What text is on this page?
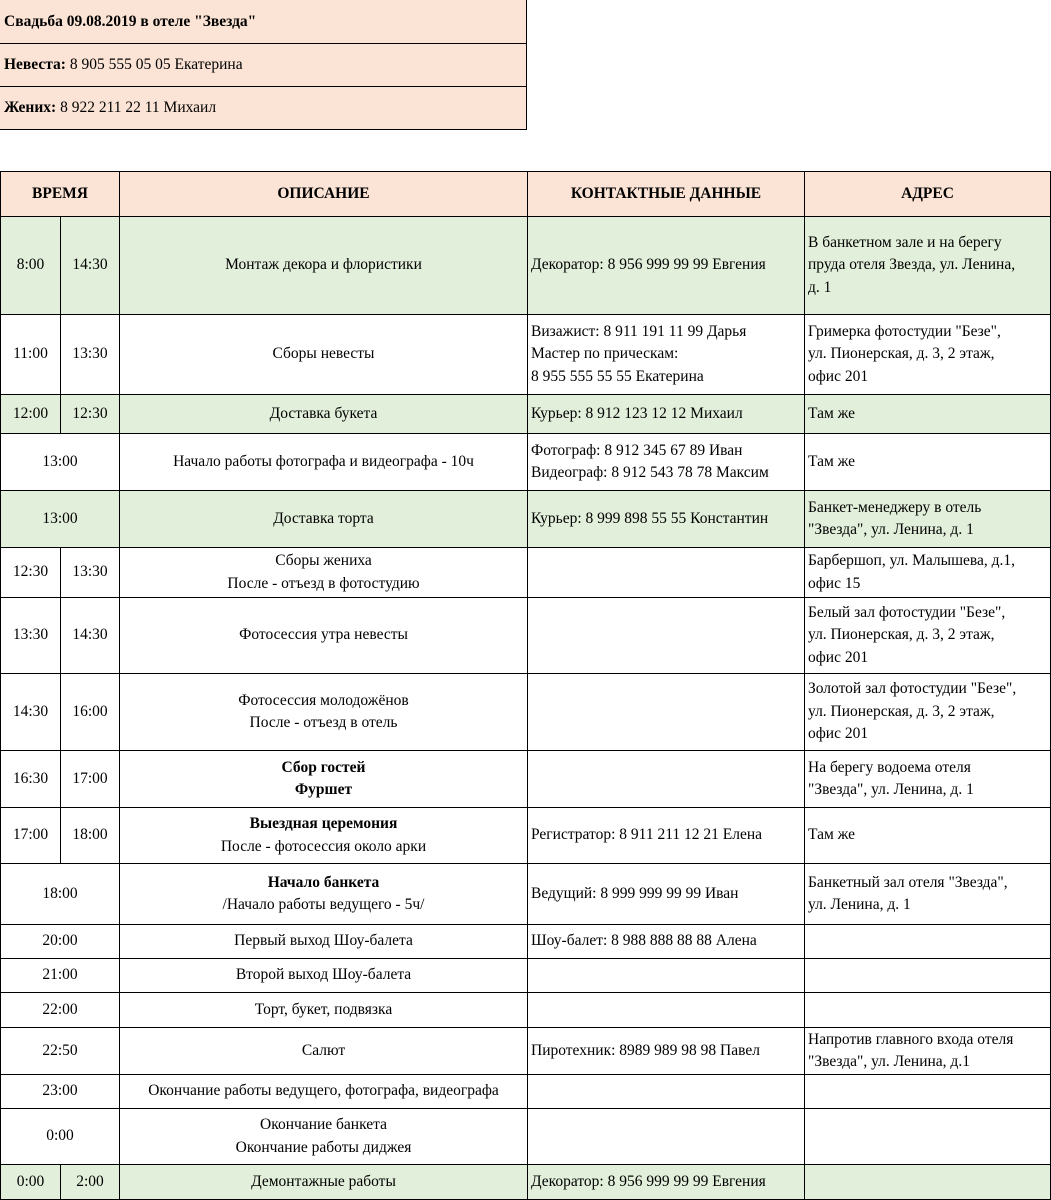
Свадьба 09.08.2019 в отеле "Звезда"
Невеста: 8 905 555 05 05 Екатерина
Жених: 8 922 211 22 11 Михаил
ВРЕМЯ		ОПИСАНИЕ	КОНТАКТНЫЕ ДАННЫЕ	АДРЕС
8:00	14:30	Монтаж декора и флористики	Декоратор: 8 956 999 99 99 Евгения	В банкетном зале и на берегу
пруда отеля Звезда, ул. Ленина,
д. 1

11:00	13:30	Сборы невесты	Визажист: 8 911 191 11 99 Дарья
Мастер по прическам:
8 955 555 55 55 Екатерина	Гримерка фотостудии "Безе",
ул. Пионерская, д. 3, 2 этаж,
офис 201

12:00	12:30	Доставка букета	Курьер: 8 912 123 12 12 Михаил	Там же

13:00		Начало работы фотографа и видеографа - 10ч	Фотограф: 8 912 345 67 89 Иван
Видеограф: 8 912 543 78 78 Максим	Там же

13:00		Доставка торта	Курьер: 8 999 898 55 55 Константин	Банкет-менеджеру в отель
"Звезда", ул. Ленина, д. 1

12:30	13:30	Сборы жениха
После - отъезд в фотостудию		Барбершоп, ул. Малышева, д.1,
офис 15

13:30	14:30	Фотосессия утра невесты		Белый зал фотостудии "Безе",
ул. Пионерская, д. 3, 2 этаж,
офис 201

14:30	16:00	Фотосессия молодожёнов
После - отъезд в отель		Золотой зал фотостудии "Безе",
ул. Пионерская, д. 3, 2 этаж,
офис 201

16:30	17:00	Сбор гостей
Фуршет		На берегу водоема отеля
"Звезда", ул. Ленина, д. 1

17:00	18:00	Выездная церемония
После - фотосессия около арки	Регистратор: 8 911 211 12 21 Елена	Там же

18:00		Начало банкета
/Начало работы ведущего - 5ч/	Ведущий: 8 999 999 99 99 Иван	Банкетный зал отеля "Звезда",
ул. Ленина, д. 1

20:00		Первый выход Шоу-балета	Шоу-балет: 8 988 888 88 88 Алена	

21:00		Второй выход Шоу-балета		

22:00		Торт, букет, подвязка		

22:50		Салют	Пиротехник: 8989 989 98 98 Павел	Напротив главного входа отеля
"Звезда", ул. Ленина, д.1

23:00		Окончание работы ведущего, фотографа, видеографа		

0:00		Окончание банкета
Окончание работы диджея		

0:00	2:00	Демонтажные работы	Декоратор: 8 956 999 99 99 Евгения	
